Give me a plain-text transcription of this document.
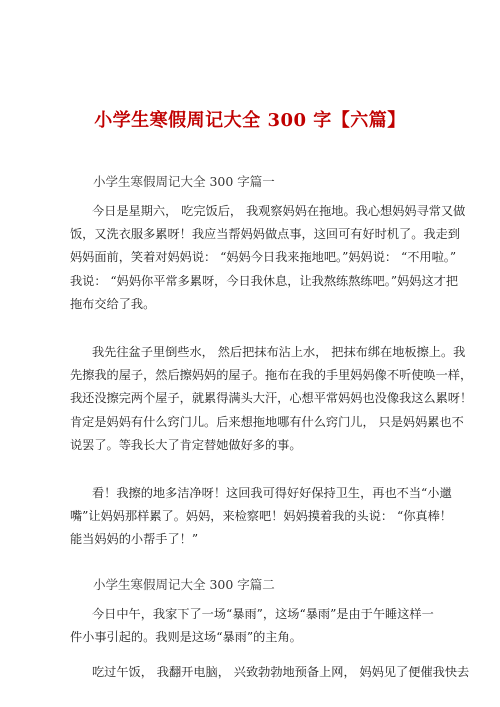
小学生寒假周记大全 300 字【六篇】
小学生寒假周记大全 300 字篇一
今日是星期六， 吃完饭后， 我观察妈妈在拖地。我心想妈妈寻常又做
饭，又洗衣服多累呀！我应当帮妈妈做点事，这回可有好时机了。我走到
妈妈面前，笑着对妈妈说： “妈妈今日我来拖地吧。”妈妈说： “不用啦。”
我说： “妈妈你平常多累呀，今日我休息，让我熬练熬练吧。”妈妈这才把
拖布交给了我。
我先往盆子里倒些水， 然后把抹布沾上水， 把抹布绑在地板擦上。我
先擦我的屋子，然后擦妈妈的屋子。拖布在我的手里妈妈像不听使唤一样，
我还没擦完两个屋子，就累得满头大汗，心想平常妈妈也没像我这么累呀！
肯定是妈妈有什么窍门儿。后来想拖地哪有什么窍门儿， 只是妈妈累也不
说罢了。等我长大了肯定替她做好多的事。
看！我擦的地多洁净呀！这回我可得好好保持卫生，再也不当“小邋
嘴”让妈妈那样累了。妈妈，来检察吧！妈妈摸着我的头说： “你真棒！
能当妈妈的小帮手了！”
小学生寒假周记大全 300 字篇二
今日中午，我家下了一场“暴雨”，这场“暴雨”是由于午睡这样一
件小事引起的。我则是这场“暴雨”的主角。
吃过午饭， 我翻开电脑， 兴致勃勃地预备上网， 妈妈见了便催我快去
